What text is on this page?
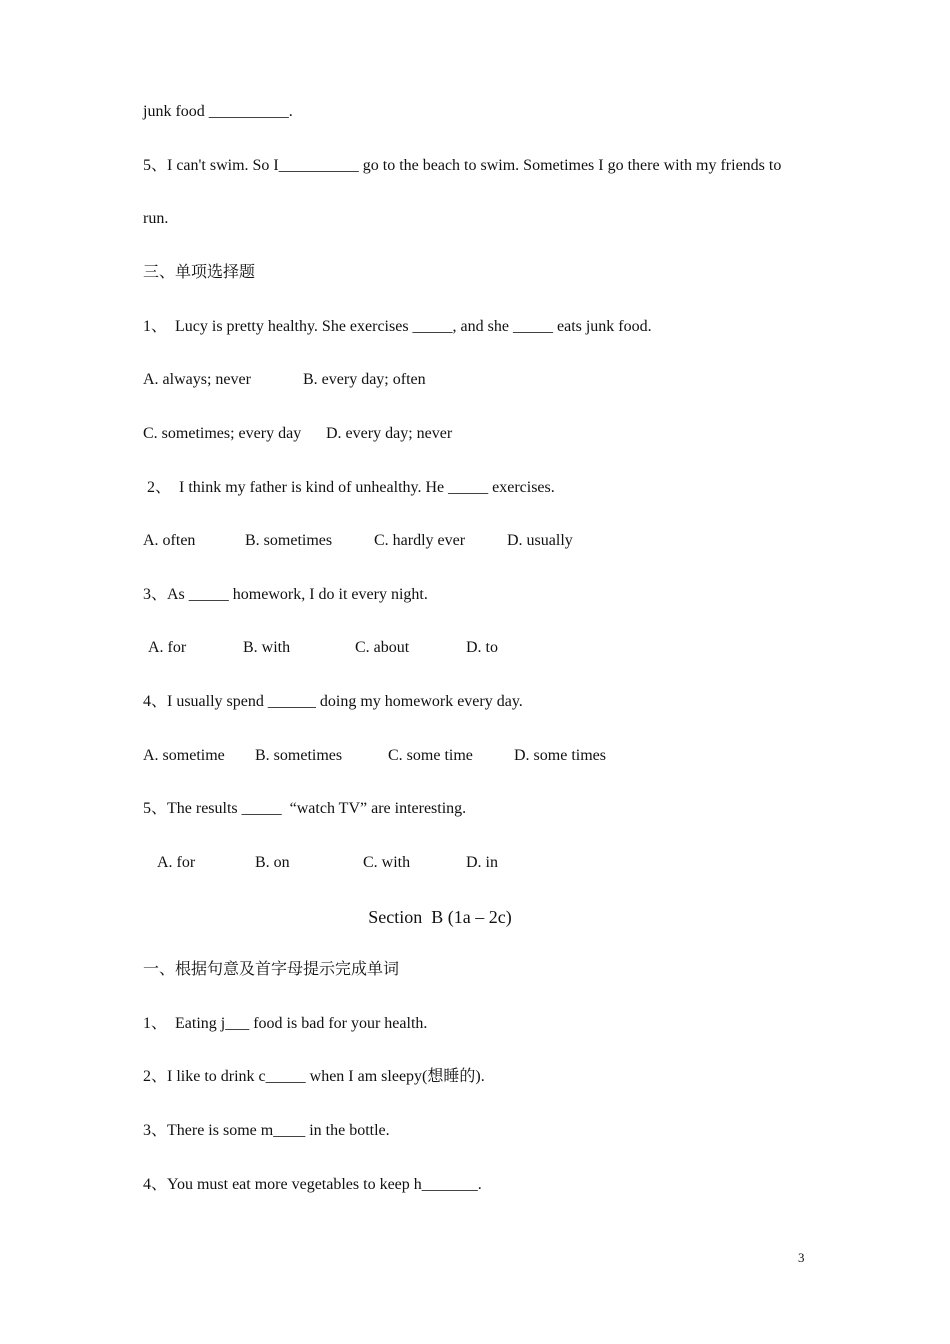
junk food __________.
5、I can't swim. So I__________ go to the beach to swim. Sometimes I go there with my friends to
run.
三、单项选择题
1、  Lucy is pretty healthy. She exercises _____, and she _____ eats junk food.
A. always; never	B. every day; often
C. sometimes; every day D. every day; never
2、  I think my father is kind of unhealthy. He _____ exercises.
A. often	B. sometimes	C. hardly ever	D. usually
3、As _____ homework, I do it every night.
A. for	B. with	C. about	D. to
4、I usually spend ______ doing my homework every day.
A. sometime B. sometimes	C. some time	D. some times
5、The results _____  “watch TV” are interesting.
A. for	B. on	C. with	D. in
Section  B (1a – 2c)
一、根据句意及首字母提示完成单词
1、  Eating j___ food is bad for your health.
2、I like to drink c_____ when I am sleepy(想睡的).
3、There is some m____ in the bottle.
4、You must eat more vegetables to keep h_______.
3
